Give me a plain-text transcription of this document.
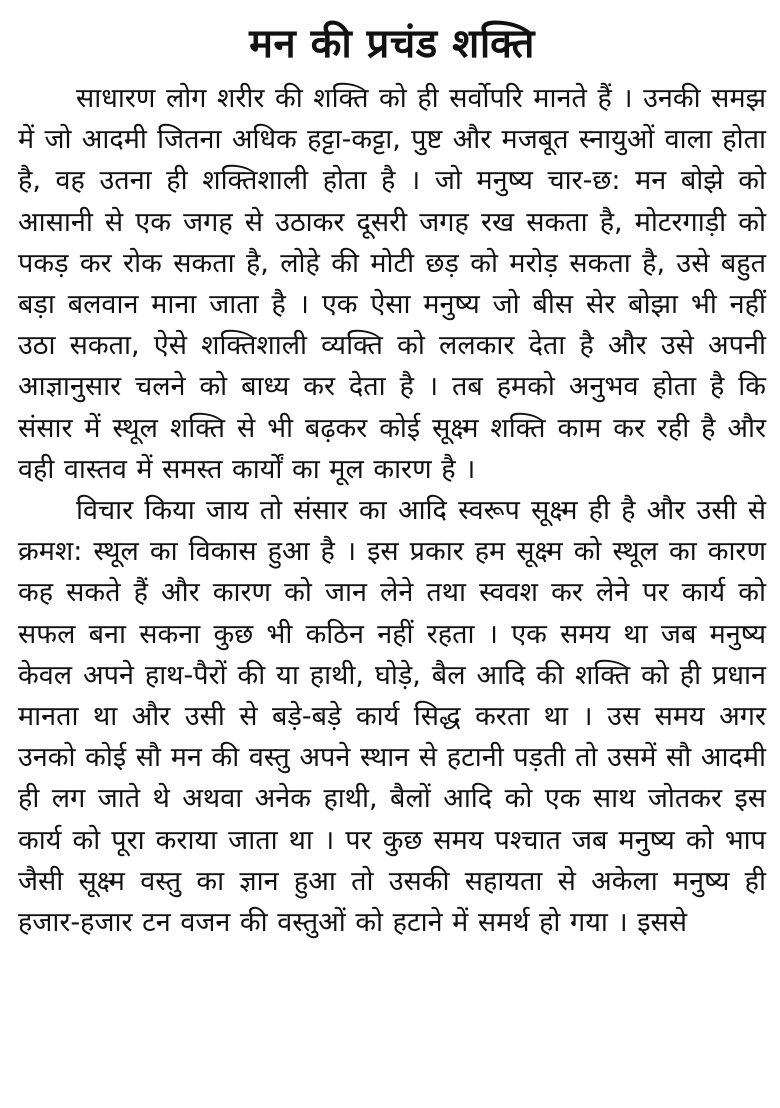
मन की प्रचंड शक्ति

साधारण लोग शरीर की शक्ति को ही सर्वोपरि मानते हैं । उनकी समझ में जो आदमी जितना अधिक हट्टा-कट्टा, पुष्ट और मजबूत स्नायुओं वाला होता है, वह उतना ही शक्तिशाली होता है । जो मनुष्य चार-छ: मन बोझे को आसानी से एक जगह से उठाकर दूसरी जगह रख सकता है, मोटरगाड़ी को पकड़ कर रोक सकता है, लोहे की मोटी छड़ को मरोड़ सकता है, उसे बहुत बड़ा बलवान माना जाता है । एक ऐसा मनुष्य जो बीस सेर बोझा भी नहीं उठा सकता, ऐसे शक्तिशाली व्यक्ति को ललकार देता है और उसे अपनी आज्ञानुसार चलने को बाध्य कर देता है । तब हमको अनुभव होता है कि संसार में स्थूल शक्ति से भी बढ़कर कोई सूक्ष्म शक्ति काम कर रही है और वही वास्तव में समस्त कार्यों का मूल कारण है ।

विचार किया जाय तो संसार का आदि स्वरूप सूक्ष्म ही है और उसी से क्रमश: स्थूल का विकास हुआ है । इस प्रकार हम सूक्ष्म को स्थूल का कारण कह सकते हैं और कारण को जान लेने तथा स्ववश कर लेने पर कार्य को सफल बना सकना कुछ भी कठिन नहीं रहता । एक समय था जब मनुष्य केवल अपने हाथ-पैरों की या हाथी, घोड़े, बैल आदि की शक्ति को ही प्रधान मानता था और उसी से बड़े-बड़े कार्य सिद्ध करता था । उस समय अगर उनको कोई सौ मन की वस्तु अपने स्थान से हटानी पड़ती तो उसमें सौ आदमी ही लग जाते थे अथवा अनेक हाथी, बैलों आदि को एक साथ जोतकर इस कार्य को पूरा कराया जाता था । पर कुछ समय पश्चात जब मनुष्य को भाप जैसी सूक्ष्म वस्तु का ज्ञान हुआ तो उसकी सहायता से अकेला मनुष्य ही हजार-हजार टन वजन की वस्तुओं को हटाने में समर्थ हो गया । इससे
